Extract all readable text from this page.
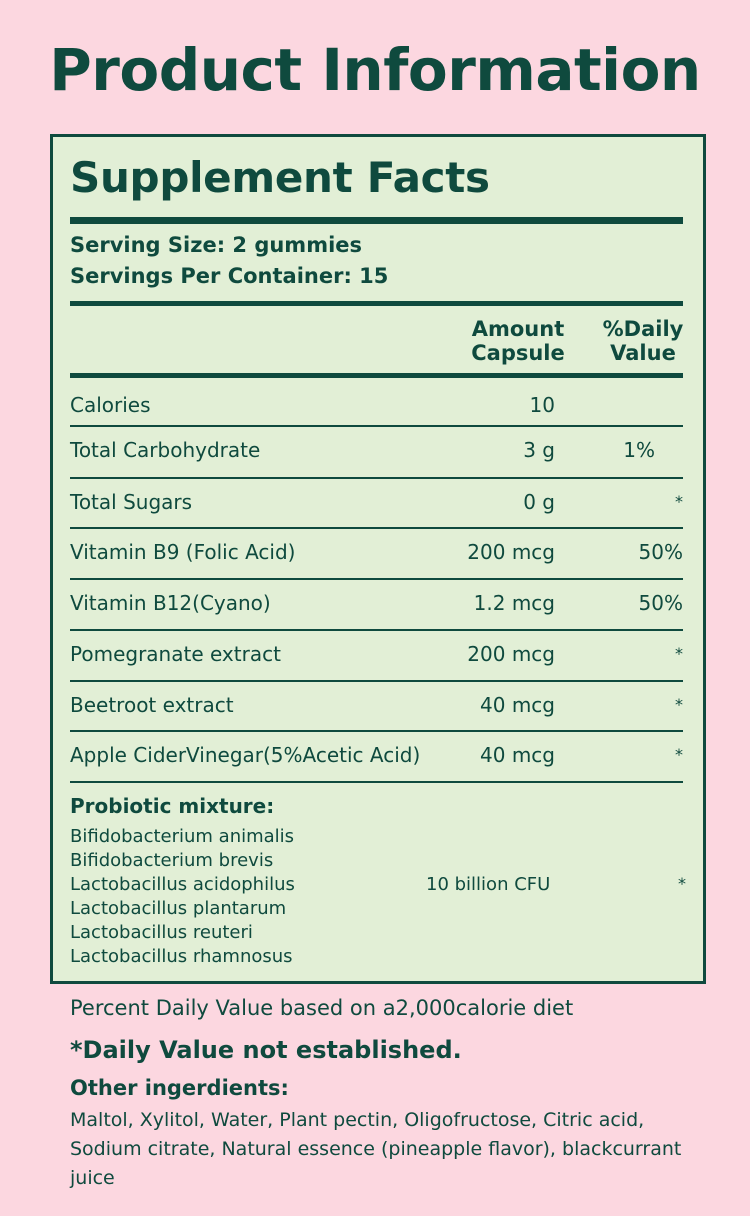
Product Information
Supplement Facts
Serving Size: 2 gummies
Servings Per Container: 15
Amount
Capsule
%Daily
Value
Calories	10
Total Carbohydrate	3 g	1%
Total Sugars	0 g	*
Vitamin B9 (Folic Acid)	200 mcg	50%
Vitamin B12(Cyano)	1.2 mcg	50%
Pomegranate extract	200 mcg	*
Beetroot extract	40 mcg	*
Apple CiderVinegar(5%Acetic Acid)	40 mcg	*
Probiotic mixture:
Bifidobacterium animalis
Bifidobacterium brevis
Lactobacillus acidophilus
Lactobacillus plantarum
Lactobacillus reuteri
Lactobacillus rhamnosus
10 billion CFU	*
Percent Daily Value based on a2,000calorie diet
*Daily Value not established.
Other ingerdients:
Maltol, Xylitol, Water, Plant pectin, Oligofructose, Citric acid, Sodium citrate, Natural essence (pineapple flavor), blackcurrant juice
